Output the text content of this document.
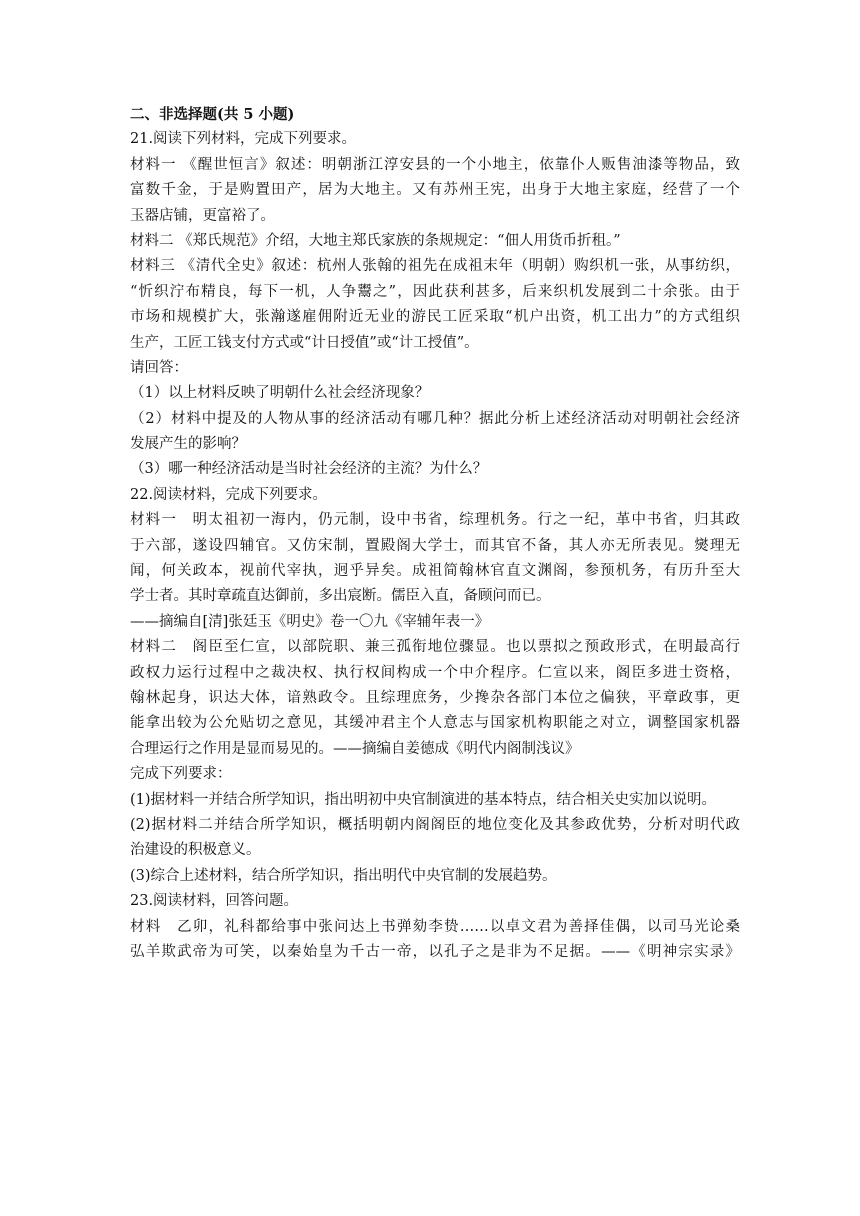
二、非选择题(共 5 小题)
21.阅读下列材料，完成下列要求。
材料一 《醒世恒言》叙述：明朝浙江淳安县的一个小地主，依靠仆人贩售油漆等物品，致
富数千金，于是购置田产，居为大地主。又有苏州王宪，出身于大地主家庭，经营了一个
玉器店铺，更富裕了。
材料二 《郑氏规范》介绍，大地主郑氏家族的条规规定：“佃人用货币折租。”
材料三 《清代全史》叙述：杭州人张翰的祖先在成祖末年（明朝）购织机一张，从事纺织，
“忻织泞布精良，每下一机，人争鬻之”，因此获利甚多，后来织机发展到二十余张。由于
市场和规模扩大，张瀚遂雇佣附近无业的游民工匠采取“机户出资，机工出力”的方式组织
生产，工匠工钱支付方式或“计日授值”或“计工授值”。
请回答：
（1）以上材料反映了明朝什么社会经济现象？
（2）材料中提及的人物从事的经济活动有哪几种？据此分析上述经济活动对明朝社会经济
发展产生的影响？
（3）哪一种经济活动是当时社会经济的主流？为什么？
22.阅读材料，完成下列要求。
材料一　明太祖初一海内，仍元制，设中书省，综理机务。行之一纪，革中书省，归其政
于六部，遂设四辅官。又仿宋制，置殿阁大学士，而其官不备，其人亦无所表见。爕理无
闻，何关政本，视前代宰执，迥乎异矣。成祖简翰林官直文渊阁，参预机务，有历升至大
学士者。其时章疏直达御前，多出宸断。儒臣入直，备顾问而已。
——摘编自[清]张廷玉《明史》卷一〇九《宰辅年表一》
材料二　阁臣至仁宣，以部院职、兼三孤衔地位骤显。也以票拟之预政形式，在明最高行
政权力运行过程中之裁决权、执行权间构成一个中介程序。仁宣以来，阁臣多进士资格，
翰林起身，识达大体，谙熟政令。且综理庶务，少搀杂各部门本位之偏狭，平章政事，更
能拿出较为公允贴切之意见，其缓冲君主个人意志与国家机构职能之对立，调整国家机器
合理运行之作用是显而易见的。——摘编自姜德成《明代内阁制浅议》
完成下列要求：
(1)据材料一并结合所学知识，指出明初中央官制演进的基本特点，结合相关史实加以说明。
(2)据材料二并结合所学知识，概括明朝内阁阁臣的地位变化及其参政优势，分析对明代政
治建设的积极意义。
(3)综合上述材料，结合所学知识，指出明代中央官制的发展趋势。
23.阅读材料，回答问题。
材料　乙卯，礼科都给事中张问达上书弹劾李贽……以卓文君为善择佳偶，以司马光论桑
弘羊欺武帝为可笑，以秦始皇为千古一帝，以孔子之是非为不足据。——《明神宗实录》
